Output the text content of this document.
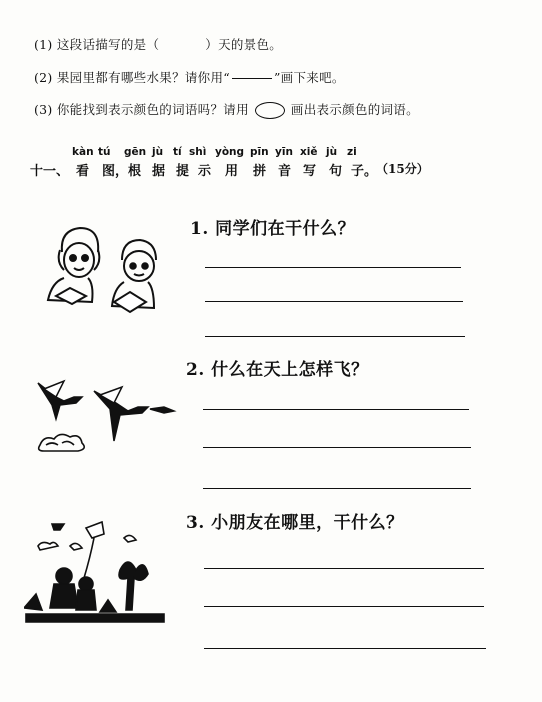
(1) 这段话描写的是（	）天的景色。
(2) 果园里都有哪些水果？请你用“	”画下来吧。
(3) 你能找到表示颜色的词语吗？请用	画出表示颜色的词语。
kàn tú gēn jù tí shì yòng pīn yīn xiě jù zi
十一、 看 图， 根 据 提 示 用 拼 音 写 句 子。
（15分）
1. 同学们在干什么？
2. 什么在天上怎样飞？
3. 小朋友在哪里，干什么？
